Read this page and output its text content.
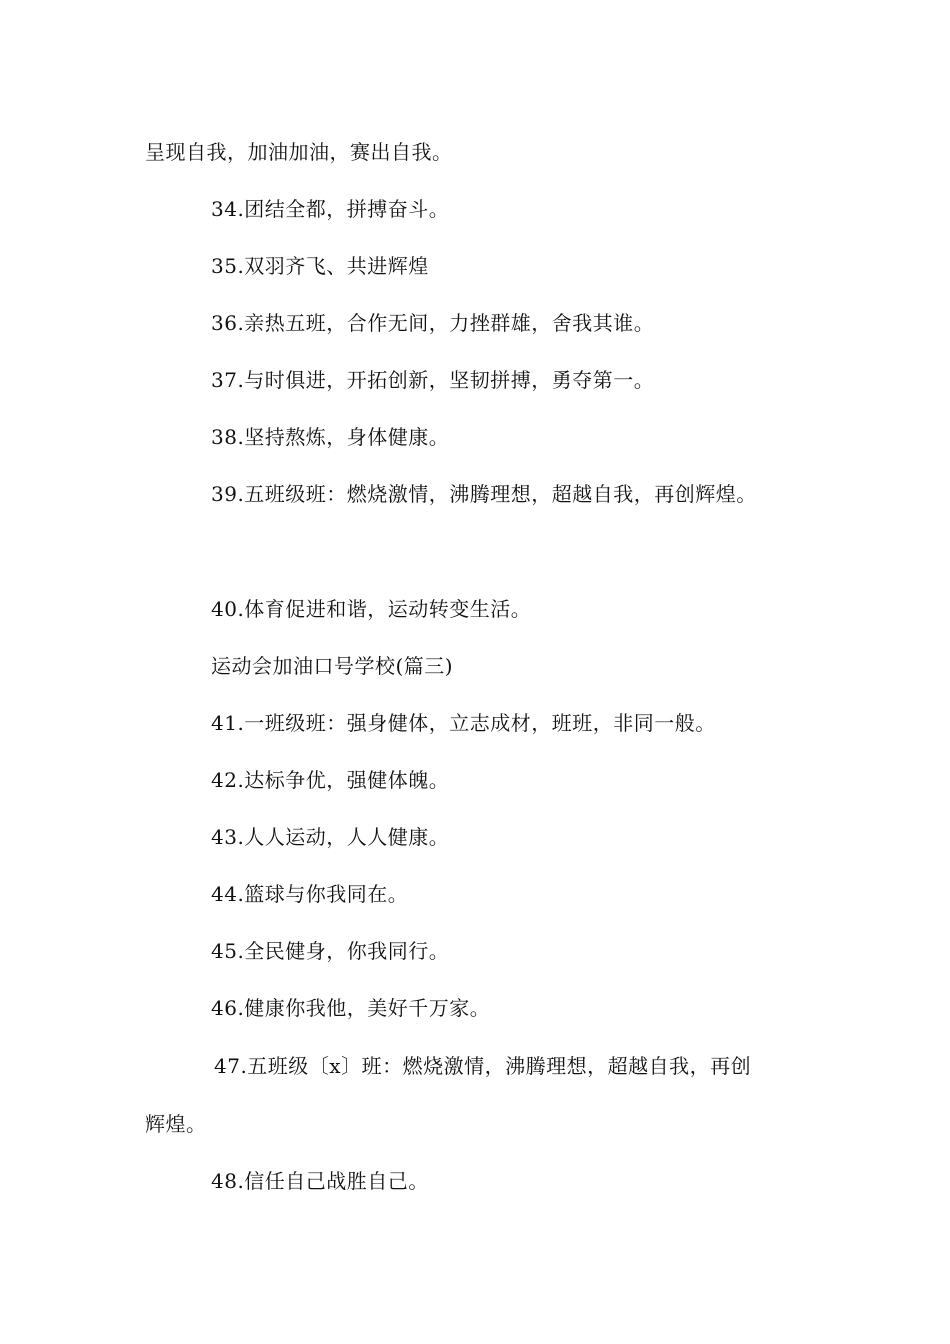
呈现自我，加油加油，赛出自我。
34.团结全都，拼搏奋斗。
35.双羽齐飞、共进辉煌
36.亲热五班，合作无间，力挫群雄，舍我其谁。
37.与时俱进，开拓创新，坚韧拼搏，勇夺第一。
38.坚持熬炼，身体健康。
39.五班级班：燃烧激情，沸腾理想，超越自我，再创辉煌。
40.体育促进和谐，运动转变生活。
运动会加油口号学校(篇三)
41.一班级班：强身健体，立志成材，班班，非同一般。
42.达标争优，强健体魄。
43.人人运动，人人健康。
44.篮球与你我同在。
45.全民健身，你我同行。
46.健康你我他，美好千万家。
47.五班级〔x〕班：燃烧激情，沸腾理想，超越自我，再创
辉煌。
48.信任自己战胜自己。
